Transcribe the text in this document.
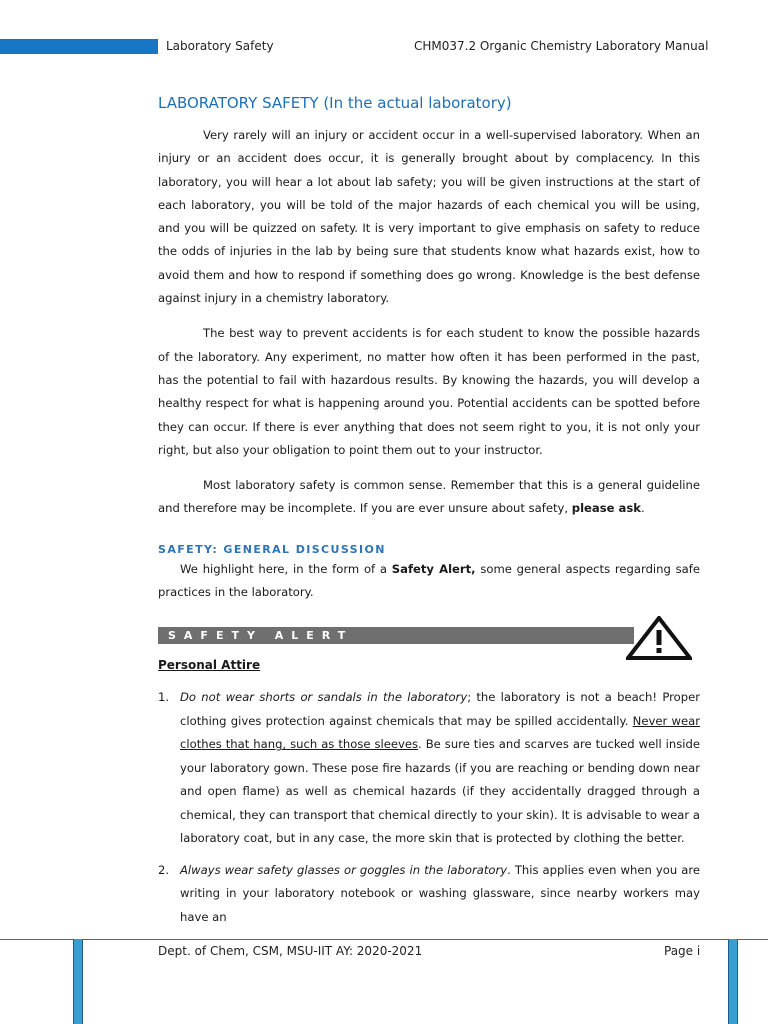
Laboratory Safety	CHM037.2 Organic Chemistry Laboratory Manual
LABORATORY SAFETY (In the actual laboratory)

Very rarely will an injury or accident occur in a well-supervised laboratory. When an injury or an accident does occur, it is generally brought about by complacency. In this laboratory, you will hear a lot about lab safety; you will be given instructions at the start of each laboratory, you will be told of the major hazards of each chemical you will be using, and you will be quizzed on safety. It is very important to give emphasis on safety to reduce the odds of injuries in the lab by being sure that students know what hazards exist, how to avoid them and how to respond if something does go wrong. Knowledge is the best defense against injury in a chemistry laboratory.

The best way to prevent accidents is for each student to know the possible hazards of the laboratory. Any experiment, no matter how often it has been performed in the past, has the potential to fail with hazardous results. By knowing the hazards, you will develop a healthy respect for what is happening around you. Potential accidents can be spotted before they can occur. If there is ever anything that does not seem right to you, it is not only your right, but also your obligation to point them out to your instructor.

Most laboratory safety is common sense. Remember that this is a general guideline and therefore may be incomplete. If you are ever unsure about safety, please ask.

SAFETY: GENERAL DISCUSSION

We highlight here, in the form of a Safety Alert, some general aspects regarding safe practices in the laboratory.

SAFETY ALERT
Personal Attire

1. Do not wear shorts or sandals in the laboratory; the laboratory is not a beach! Proper clothing gives protection against chemicals that may be spilled accidentally. Never wear clothes that hang, such as those sleeves. Be sure ties and scarves are tucked well inside your laboratory gown. These pose fire hazards (if you are reaching or bending down near and open flame) as well as chemical hazards (if they accidentally dragged through a chemical, they can transport that chemical directly to your skin). It is advisable to wear a laboratory coat, but in any case, the more skin that is protected by clothing the better.

2. Always wear safety glasses or goggles in the laboratory. This applies even when you are writing in your laboratory notebook or washing glassware, since nearby workers may have an

Dept. of Chem, CSM, MSU-IIT AY: 2020-2021	Page i
